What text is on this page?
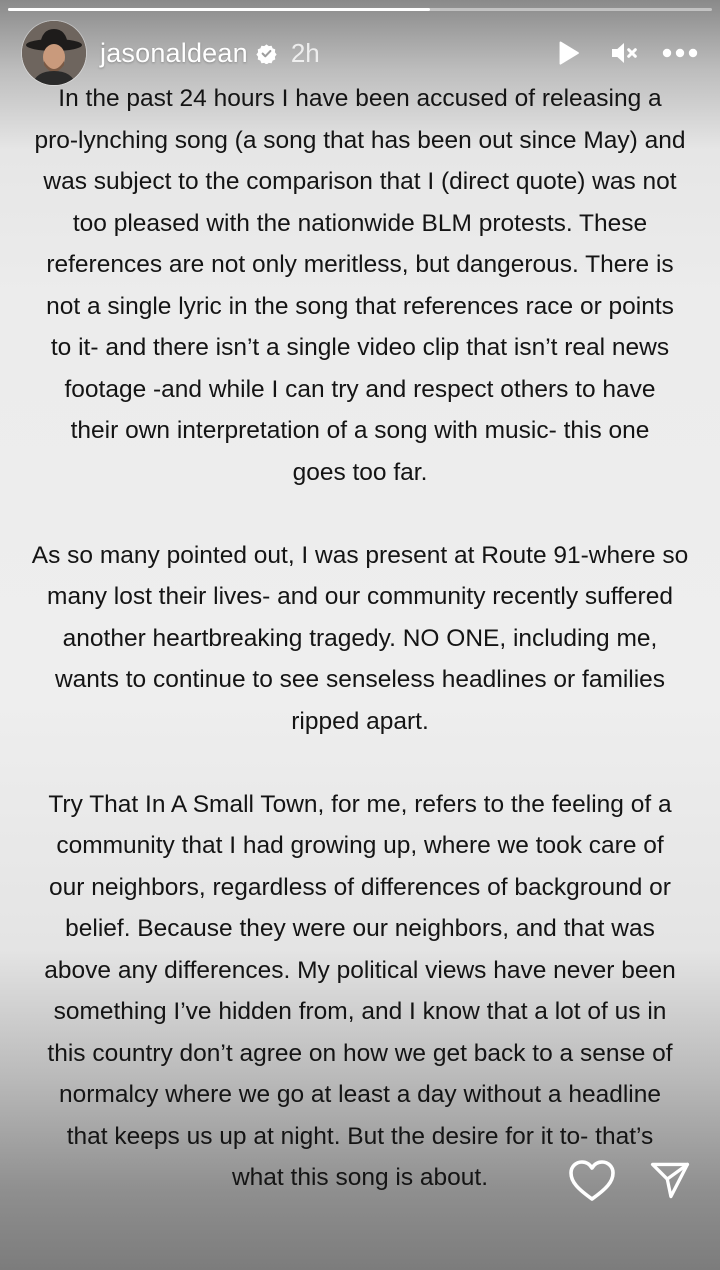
jasonaldean 2h

In the past 24 hours I have been accused of releasing a
pro-lynching song (a song that has been out since May) and
was subject to the comparison that I (direct quote) was not
too pleased with the nationwide BLM protests. These
references are not only meritless, but dangerous. There is
not a single lyric in the song that references race or points
to it- and there isn’t a single video clip that isn’t real news
footage -and while I can try and respect others to have
their own interpretation of a song with music- this one
goes too far.

As so many pointed out, I was present at Route 91-where so
many lost their lives- and our community recently suffered
another heartbreaking tragedy. NO ONE, including me,
wants to continue to see senseless headlines or families
ripped apart.

Try That In A Small Town, for me, refers to the feeling of a
community that I had growing up, where we took care of
our neighbors, regardless of differences of background or
belief. Because they were our neighbors, and that was
above any differences. My political views have never been
something I’ve hidden from, and I know that a lot of us in
this country don’t agree on how we get back to a sense of
normalcy where we go at least a day without a headline
that keeps us up at night. But the desire for it to- that’s
what this song is about.
